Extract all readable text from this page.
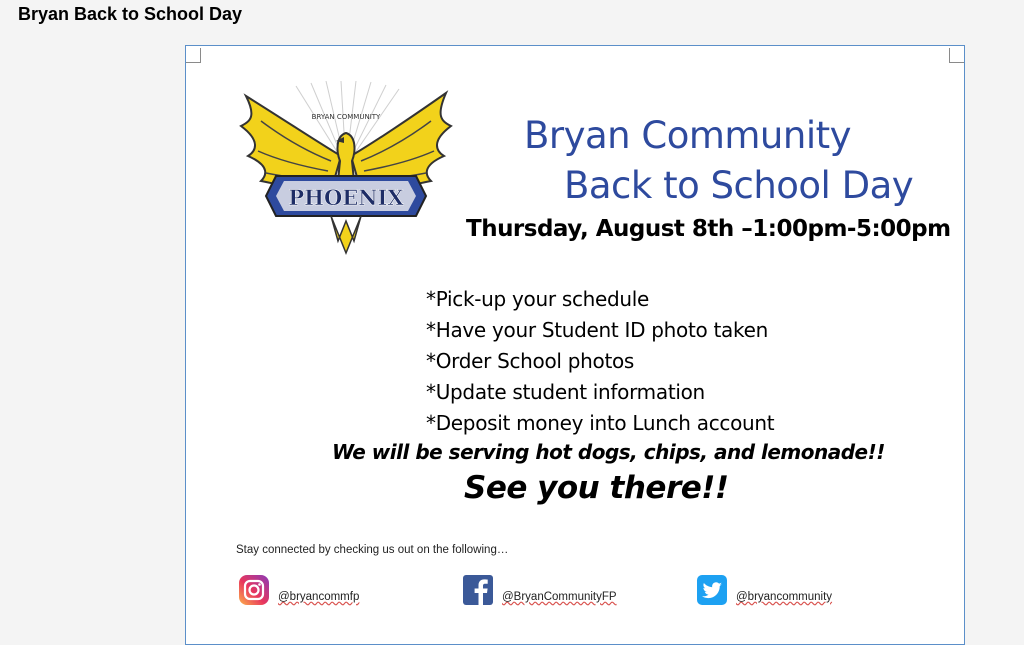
Bryan Back to School Day
BRYAN COMMUNITY
PHOENIX
Bryan Community
Back to School Day
Thursday, August 8th –1:00pm-5:00pm
*Pick-up your schedule
*Have your Student ID photo taken
*Order School photos
*Update student information
*Deposit money into Lunch account
We will be serving hot dogs, chips, and lemonade!!
See you there!!
Stay connected by checking us out on the following…
@bryancommfp	@BryanCommunityFP	@bryancommunity
